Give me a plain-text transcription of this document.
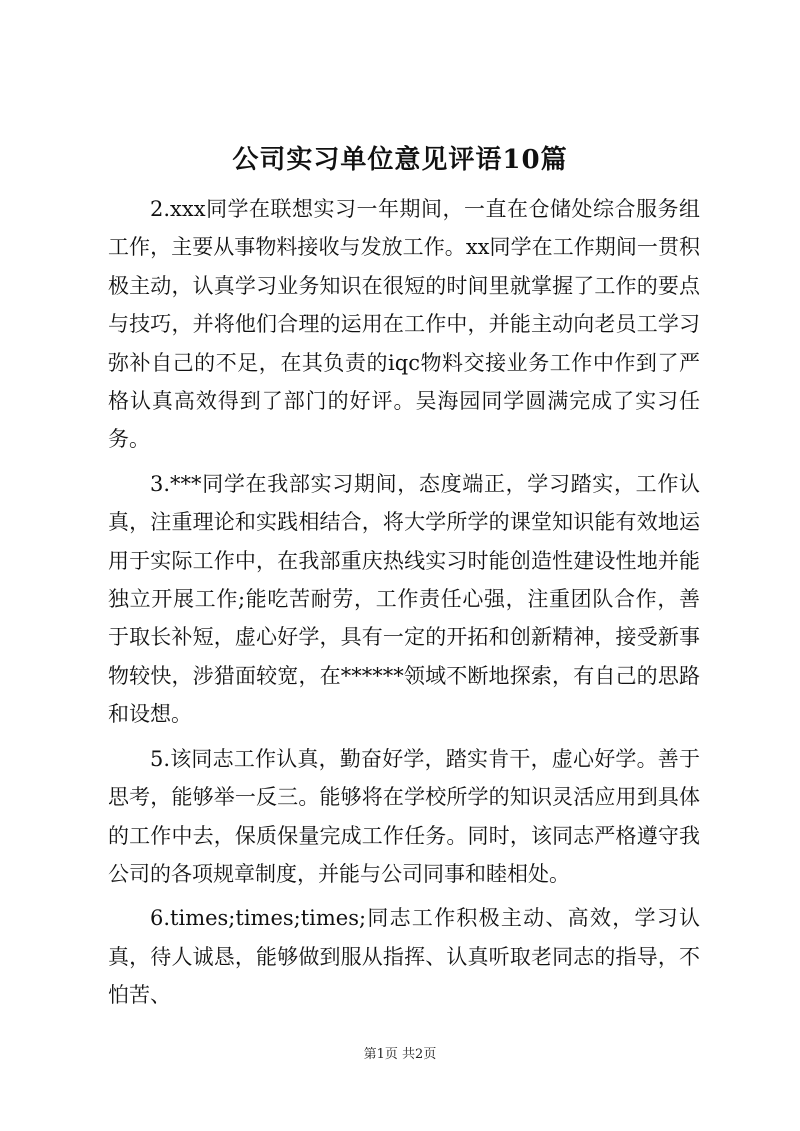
公司实习单位意见评语10篇

2.xxx同学在联想实习一年期间，一直在仓储处综合服务组工作，主要从事物料接收与发放工作。xx同学在工作期间一贯积极主动，认真学习业务知识在很短的时间里就掌握了工作的要点与技巧，并将他们合理的运用在工作中，并能主动向老员工学习弥补自己的不足，在其负责的iqc物料交接业务工作中作到了严格认真高效得到了部门的好评。吴海园同学圆满完成了实习任务。

3.***同学在我部实习期间，态度端正，学习踏实，工作认真，注重理论和实践相结合，将大学所学的课堂知识能有效地运用于实际工作中，在我部重庆热线实习时能创造性建设性地并能独立开展工作;能吃苦耐劳，工作责任心强，注重团队合作，善于取长补短，虚心好学，具有一定的开拓和创新精神，接受新事物较快，涉猎面较宽，在******领域不断地探索，有自己的思路和设想。

5.该同志工作认真，勤奋好学，踏实肯干，虚心好学。善于思考，能够举一反三。能够将在学校所学的知识灵活应用到具体的工作中去，保质保量完成工作任务。同时，该同志严格遵守我公司的各项规章制度，并能与公司同事和睦相处。

6.times;times;times;同志工作积极主动、高效，学习认真，待人诚恳，能够做到服从指挥、认真听取老同志的指导，不怕苦、

第1页 共2页
